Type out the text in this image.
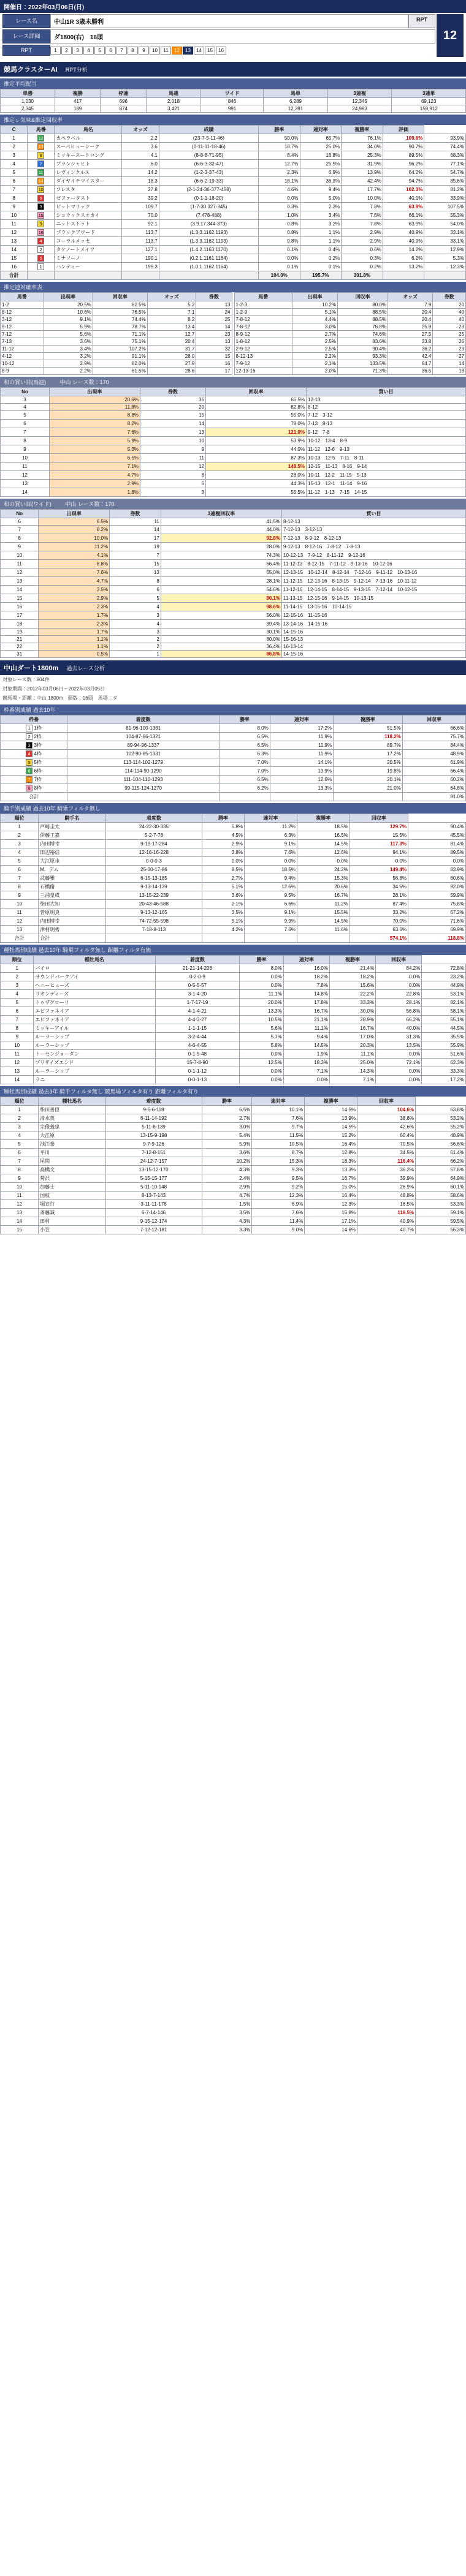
開催日：2022年03月06日(日)
レース名	中山1R 3歳未勝利	RPT
レース詳細	ダ1800(右)　16頭
RPT	1	2	3	4	5	6	7	8	9	10	11	12	13	14	15	16
12
競馬クラスターAI RPT分析
推定平均配当
単勝	複勝	枠連	馬連	ワイド	馬単	3連複	3連単
1,030	417	696	2,018	846	6,289	12,345	69,123
2,345	189	874	3,421	991	12,391	24,983	159,912
推定ㇾ気味&推定回収率
C	馬番	馬名	オッズ	成績	勝率	連対率	複勝率	評価	
1	12	カペラベル	2.2	(23-7-5-11-46)	50.0%	65.7%	76.1%	109.6%	93.9%
2	13	スーパヒューシーク	3.6	(0-11-11-18-46)	18.7%	25.0%	34.0%	90.7%	74.4%
3	8	ミッキースートロング	4.1	(8-8-8-71-95)	8.4%	16.8%	25.3%	89.5%	68.3%
4	7	ブランシャヒト	6.0	(6-6-3-32-47)	12.7%	25.5%	31.9%	96.2%	77.1%
5	11	レヴィンクルス	14.2	(1-2-3-37-43)	2.3%	6.9%	13.9%	64.2%	54.7%
6	14	ダイヤイチマイスター	18.3	(6-6-2-19-33)	18.1%	36.3%	42.4%	94.7%	85.6%
7	10	フレスタ	27.8	(2-1-24-36-377-458)	4.6%	9.4%	17.7%	102.3%	81.2%
8	6	ゼファータスト	39.2	(0-1-1-18-20)	0.0%	5.0%	10.0%	40.1%	33.9%
9	3	ピットマリッツ	109.7	(1-7-30.327-345)	0.3%	2.3%	7.8%	63.9%	107.5%
10	15	ショウックスオカイ	70.0	(7.478-488)	1.0%	3.4%	7.6%	66.1%	55.3%
11	9	ニットストット	92.1	(3.9.17.344-373)	0.8%	3.2%	7.8%	63.9%	54.0%
12	16	ブラックアワード	113.7	(1.3.3.1162.1193)	0.8%	1.1%	2.9%	40.9%	33.1%
13	4	コーラルメッセ	113.7	(1.3.3.1162.1193)	0.8%	1.1%	2.9%	40.9%	33.1%
14	2	タケノートメイワ	127.1	(1.4.2.1163.1170)	0.1%	0.4%	0.6%	14.2%	12.9%
15	5	ミナソーノ	190.1	(0.2.1.1161.1164)	0.0%	0.2%	0.3%	6.2%	5.3%
16	1	ハンティー	199.3	(1.0.1.1162.1164)	0.1%	0.1%	0.2%	13.2%	12.3%
合計					104.0%	195.7%	301.8%		
推定連対確率表
馬番	出現率	回収率	オッズ	券数
1-2	20.5%	82.5%	5.2	13
8-12	10.6%	76.5%	7.1	24
3-12	9.1%	74.4%	8.2	25
9-12	5.9%	78.7%	13.4	14
7-12	5.6%	71.1%	12.7	23
7-13	3.6%	75.1%	20.4	13
11-12	3.4%	107.2%	31.7	32
4-12	3.2%	91.1%	28.0	15
10-12	2.9%	82.0%	27.9	16
8-9	2.2%	61.5%	28.6	17
馬番	出現率	回収率	オッズ	券数
1-2-3	10.2%	80.0%	7.9	20
1-2-9	5.1%	88.5%	20.4	40
7-8-12	4.4%	88.5%	20.4	40
7-8-12	3.0%	76.8%	25.9	23
8-9-12	2.7%	74.6%	27.5	25
1-8-12	2.5%	83.6%	33.8	26
2-9-12	2.5%	90.4%	36.2	23
8-12-13	2.2%	93.3%	42.4	27
7-9-12	2.1%	133.5%	64.7	14
12-13-16	2.0%	71.3%	36.5	18
和の買い目(馬連)	中山 レース数：170
No	出現率	券数	回収率	買い目
3	20.6%	35	65.5%	12-13
4	11.8%	20	82.8%	8-12
5	8.8%	15	55.0%	7-12　3-12
6	8.2%	14	78.0%	7-13　8-13
7	7.6%	13	121.0%	9-12　7-8
8	5.9%	10	53.9%	10-12　13-4　8-9
9	5.3%	9	44.0%	11-12　12-6　9-13
10	6.5%	11	87.3%	10-13　12-5　7-11　8-11
11	7.1%	12	148.5%	12-15　11-13　8-16　9-14
12	4.7%	8	28.0%	10-11　12-2　11-15　5-13
13	2.9%	5	44.3%	15-13　12-1　11-14　9-16
14	1.8%	3	55.5%	11-12　1-13　7-15　14-15
和の買い目(ワイド)	中山 レース数：170
No	出現率	券数	3連複回収率	買い目
6	6.5%	11	41.5%	8-12-13
7	8.2%	14	44.0%	7-12-13　3-12-13
8	10.0%	17	92.8%	7-12-13　8-9-12　8-12-13
9	11.2%	19	28.0%	9-12-13　8-12-16　7-8-12　7-8-13
10	4.1%	7	74.3%	10-12-13　7-9-12　8-11-12　9-12-16
11	8.8%	15	66.4%	11-12-13　8-12-15　7-11-12　9-13-16　10-12-16
12	7.6%	13	65.0%	12-13-15　10-12-14　8-12-14　7-12-16　9-11-12　10-13-16
13	4.7%	8	28.1%	11-12-15　12-13-16　8-13-15　9-12-14　7-13-16　10-11-12
14	3.5%	6	54.6%	11-12-16　12-14-15　8-14-15　9-13-15　7-12-14　10-12-15
15	2.9%	5	80.1%	11-13-15　12-15-16　9-14-15　10-13-15
16	2.3%	4	98.6%	11-14-15　13-15-16　10-14-15
17	1.7%	3	56.0%	12-15-16　11-15-16
18	2.3%	4	39.4%	13-14-16　14-15-16
19	1.7%	3	30.1%	14-15-16
21	1.1%	2	80.0%	15-16-13
22	1.1%	2	36.4%	16-13-14
31	0.5%	1	86.8%	14-15-16
中山ダート1800m 過去レース分析
対象レース数：804件
対象期間：2012年03月06日〜2022年03月05日
競馬場・距離：中山 1800m　頭数：16頭　馬場：ダ
枠番別成績 過去10年
枠番	着度数	勝率	連対率	複勝率	回収率
1 1枠	81-96-100-1331	8.0%	17.2%	51.5%	66.6%
2 2枠	104-87-66-1321	6.5%	11.9%	118.2%	75.7%
3 3枠	89-94-96-1337	6.5%	11.9%	89.7%	84.4%
4 4枠	102-90-85-1331	6.3%	11.9%	17.2%	48.9%
5 5枠	113-114-102-1279	7.0%	14.1%	20.5%	61.9%
6 6枠	114-114-90-1290	7.0%	13.9%	19.8%	66.4%
7 7枠	111-104-110-1293	6.5%	12.6%	20.1%	60.2%
8 8枠	99-115-124-1270	6.2%	13.3%	21.0%	64.8%
合計					81.0%
騎手別成績 過去10年 騎乗フィルタ無し
順位	騎手名	着度数	勝率	連対率	複勝率	回収率	
1	戸崎圭太	24-22-30-335	5.8%	11.2%	18.5%	129.7%	90.4%
2	伊藤工嘉	5-2-7-78	4.5%	6.3%	16.5%	15.5%	45.5%
3	内田博幸	9-19-17-284	2.9%	9.1%	14.5%	117.3%	81.4%
4	田辺裕信	12-16-16-228	3.8%	7.6%	12.6%	94.1%	89.5%
5	大江原圭	0-0-0-3	0.0%	0.0%	0.0%	0.0%	0.0%
6	M．デム	25-30-17-86	8.5%	18.5%	24.2%	149.4%	83.9%
7	武藤雅	6-15-13-185	2.7%	9.4%	15.3%	56.8%	60.6%
8	石橋脩	9-13-14-139	5.1%	12.6%	20.6%	34.6%	92.0%
9	三浦皇成	13-15-22-239	3.6%	9.5%	16.7%	28.1%	59.9%
10	柴田大知	20-43-46-588	2.1%	6.6%	11.2%	87.4%	75.8%
11	菅原明良	9-13-12-165	3.5%	9.1%	15.5%	33.2%	67.2%
12	内田博幸	74-72-55-598	5.1%	9.9%	14.5%	70.0%	71.6%
13	津村明秀	7-18-8-113	4.2%	7.6%	11.6%	63.6%	69.9%
合計	合計					574.1%	118.8%
種牡馬別成績 過去10年 騎乗フィルタ無し 距離フィルタ有無
順位	種牡馬名	着度数	勝率	連対率	複勝率	回収率	
1	パイロ	21-21-14-206	8.0%	16.0%	21.4%	84.2%	72.8%
2	サウンドバークアイ	0-2-0-9	0.0%	18.2%	18.2%	0.0%	23.2%
3	ヘニーヒューズ	0-5-5-57	0.0%	7.8%	15.6%	0.0%	44.9%
4	リオンディーズ	3-1-4-20	11.1%	14.8%	22.2%	22.8%	53.1%
5	トゥザグローリ	1-7-17-19	20.0%	17.8%	33.3%	28.1%	82.1%
6	エピファネイア	4-1-4-21	13.3%	16.7%	30.0%	56.8%	58.1%
7	エピファネイア	4-4-3-27	10.5%	21.1%	28.9%	66.2%	55.1%
8	ミッキーアイル	1-1-1-15	5.6%	11.1%	16.7%	40.0%	44.5%
9	ルーラーシップ	3-2-4-44	5.7%	9.4%	17.0%	31.3%	35.5%
10	ルーラーシップ	4-6-4-55	5.8%	14.5%	20.3%	13.5%	55.9%
11	トーセンジョーダン	0-1-5-48	0.0%	1.9%	11.1%	0.0%	51.6%
12	ブリザイズエンド	15-7-8-90	12.5%	18.3%	25.0%	72.1%	62.3%
13	ルーラーシップ	0-1-1-12	0.0%	7.1%	14.3%	0.0%	33.3%
14	ラニ	0-0-1-13	0.0%	0.0%	7.1%	0.0%	17.2%
種牡馬別成績 過去3年 騎手フィルタ無し 競馬場フィルタ有り 距離フィルタ有り
順位	種牡馬名	着度数	勝率	連対率	複勝率	回収率	
1	柴田善臣	9-5-6-118	6.5%	10.1%	14.5%	104.6%	63.8%
2	清水英	6-11-14-192	2.7%	7.6%	13.9%	38.8%	53.2%
3	宗像義忠	5-11-8-139	3.0%	9.7%	14.5%	42.6%	55.2%
4	大江原	13-15-9-198	5.4%	11.5%	15.2%	60.4%	48.9%
5	池江泰	9-7-9-126	5.9%	10.5%	16.4%	70.5%	56.6%
6	平川	7-12-8-151	3.6%	8.7%	12.8%	34.5%	61.4%
7	尾関	24-12-7-157	10.2%	15.3%	18.3%	116.4%	66.2%
8	高橋文	13-15-12-170	4.3%	9.3%	13.3%	36.2%	57.8%
9	菊沢	5-15-15-177	2.4%	9.5%	16.7%	39.9%	64.9%
10	加藤士	5-11-10-148	2.9%	9.2%	15.0%	26.9%	60.1%
11	国枝	8-13-7-143	4.7%	12.3%	16.4%	48.8%	58.6%
12	堀宣行	3-11-11-178	1.5%	6.9%	12.3%	16.5%	53.3%
13	斎藤誠	6-7-14-146	3.5%	7.6%	15.8%	116.5%	59.1%
14	田村	9-15-12-174	4.3%	11.4%	17.1%	40.9%	59.5%
15	小笠	7-12-12-181	3.3%	9.0%	14.6%	40.7%	56.3%
